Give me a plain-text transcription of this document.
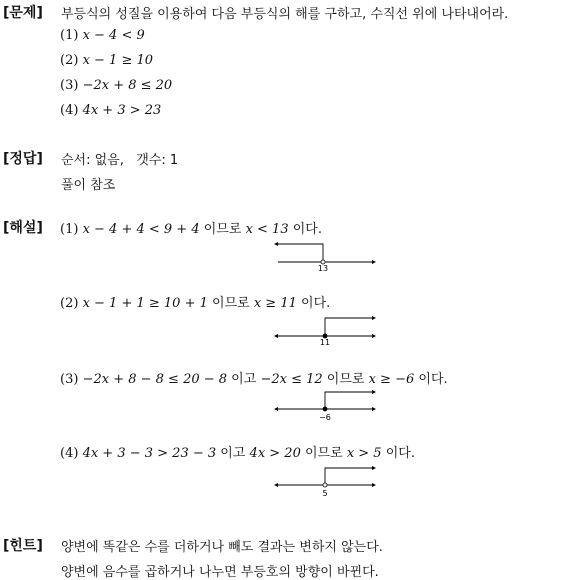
[문제] 부등식의 성질을 이용하여 다음 부등식의 해를 구하고, 수직선 위에 나타내어라.
(1) x − 4 < 9
(2) x − 1 ≥ 10
(3) −2x + 8 ≤ 20
(4) 4x + 3 > 23
[정답] 순서: 없음,   갯수: 1
풀이 참조
[해설] (1) x − 4 + 4 < 9 + 4 이므로 x < 13 이다.
13
(2) x − 1 + 1 ≥ 10 + 1 이므로 x ≥ 11 이다.
(3) −2x + 8 − 8 ≤ 20 − 8 이고 −2x ≤ 12 이므로 x ≥ −6 이다.
(4) 4x + 3 − 3 > 23 − 3 이고 4x > 20 이므로 x > 5 이다.
11
−6
5
[힌트] 양변에 똑같은 수를 더하거나 빼도 결과는 변하지 않는다.
양변에 음수를 곱하거나 나누면 부등호의 방향이 바뀐다.
